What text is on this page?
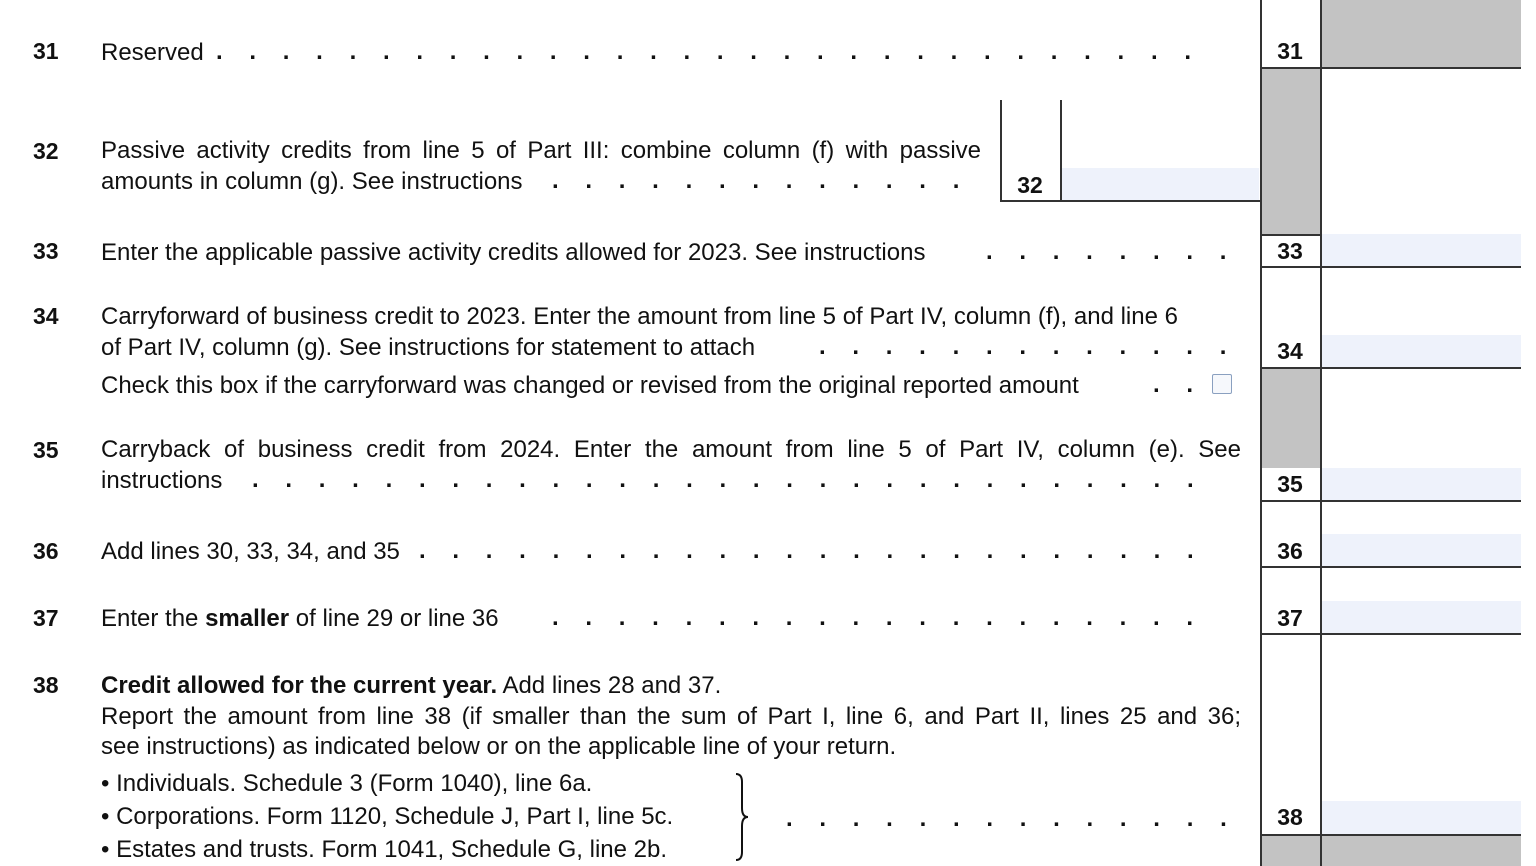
31 Reserved . . . . . . . . . . . . . . . . . . . . . . . . . . . . . .	31
32 Passive activity credits from line 5 of Part III: combine column (f) with passive
amounts in column (g). See instructions . . . . . . . . . . . . .	32
33 Enter the applicable passive activity credits allowed for 2023. See instructions	. . . . . . . .	33
34 Carryforward of business credit to 2023. Enter the amount from line 5 of Part IV, column (f), and line 6
of Part IV, column (g). See instructions for statement to attach	. . . . . . . . . . . . .
Check this box if the carryforward was changed or revised from the original reported amount	. .
34
35 Carryback of business credit from 2024. Enter the amount from line 5 of Part IV, column (e). See
instructions . . . . . . . . . . . . . . . . . . . . . . . . . . . . .	35
36 Add lines 30, 33, 34, and 35 . . . . . . . . . . . . . . . . . . . . . . . .	36
37 Enter the smaller of line 29 or line 36 . . . . . . . . . . . . . . . . . . . .	37
38 Credit allowed for the current year. Add lines 28 and 37.
Report the amount from line 38 (if smaller than the sum of Part I, line 6, and Part II, lines 25 and 36;
see instructions) as indicated below or on the applicable line of your return.
• Individuals. Schedule 3 (Form 1040), line 6a.
• Corporations. Form 1120, Schedule J, Part I, line 5c.
• Estates and trusts. Form 1041, Schedule G, line 2b.
. . . . . . . . . . . . . .	38
